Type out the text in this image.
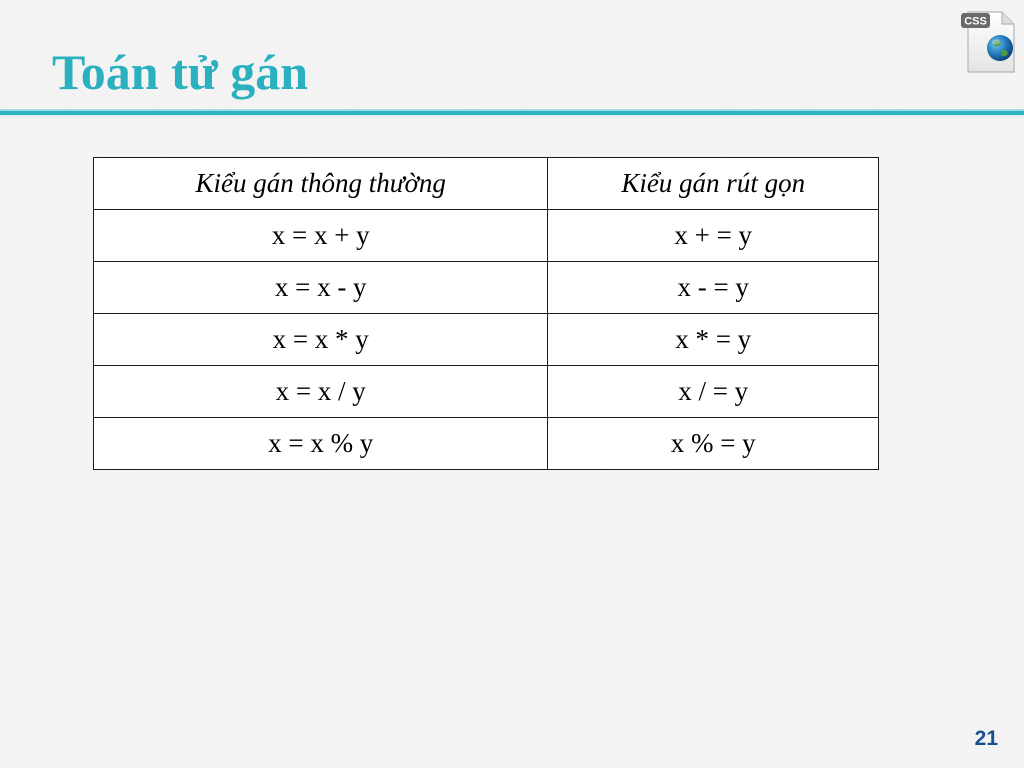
Toán tử gán
CSS
Kiểu gán thông thường	Kiểu gán rút gọn
x = x + y	x + = y
x = x - y	x - = y
x = x * y	x * = y
x = x / y	x / = y
x = x % y	x % = y
21
